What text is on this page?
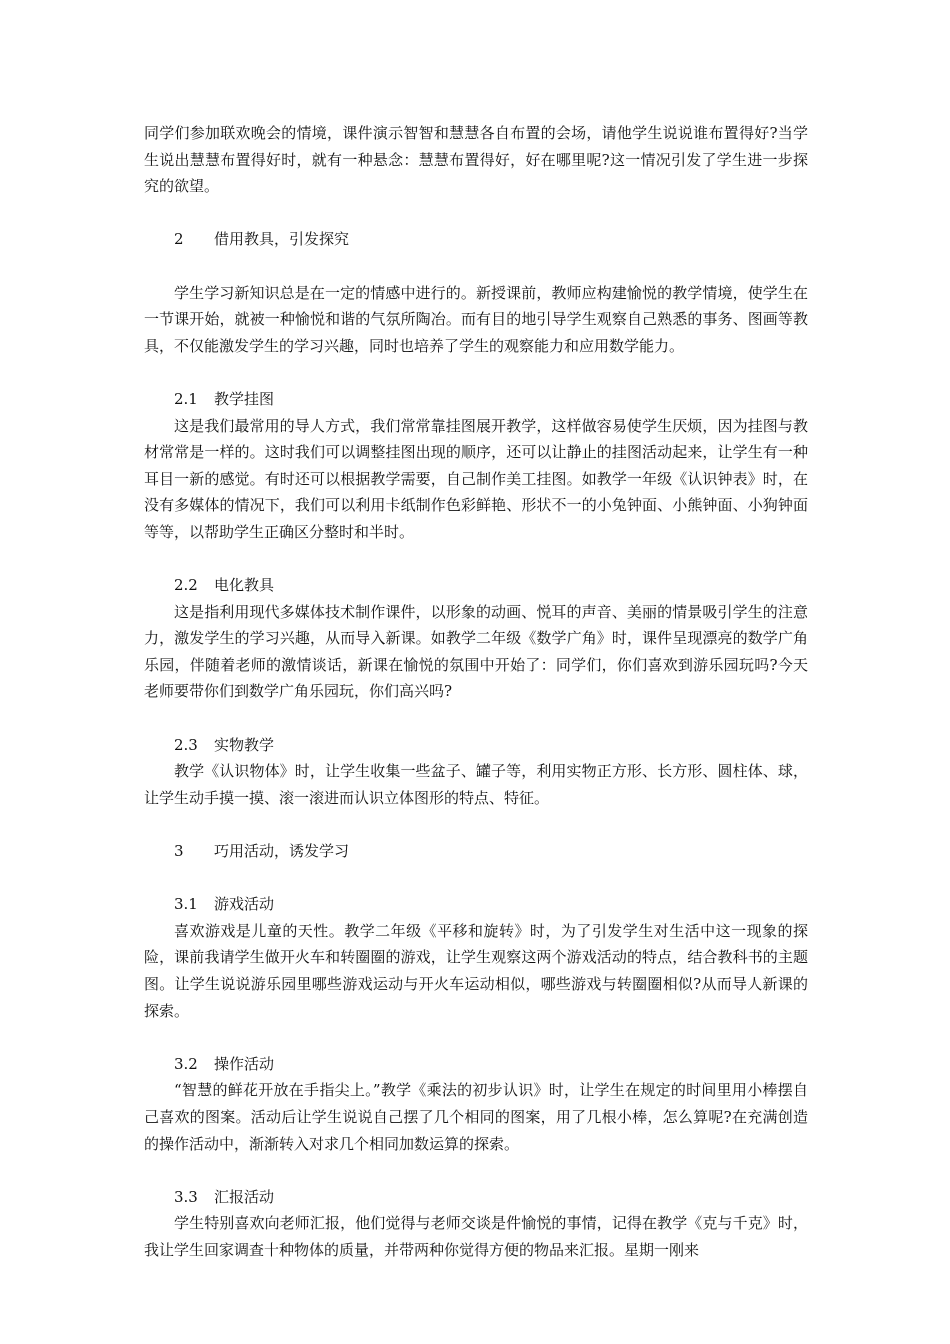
同学们参加联欢晚会的情境，课件演示智智和慧慧各自布置的会场，请他学生说说谁布置得好?当学生说出慧慧布置得好时，就有一种悬念：慧慧布置得好，好在哪里呢?这一情况引发了学生进一步探究的欲望。

2 借用教具，引发探究

学生学习新知识总是在一定的情感中进行的。新授课前，教师应构建愉悦的教学情境，使学生在一节课开始，就被一种愉悦和谐的气氛所陶冶。而有目的地引导学生观察自己熟悉的事务、图画等教具，不仅能激发学生的学习兴趣，同时也培养了学生的观察能力和应用数学能力。

2.1 教学挂图

这是我们最常用的导人方式，我们常常靠挂图展开教学，这样做容易使学生厌烦，因为挂图与教材常常是一样的。这时我们可以调整挂图出现的顺序，还可以让静止的挂图活动起来，让学生有一种耳目一新的感觉。有时还可以根据教学需要，自己制作美工挂图。如教学一年级《认识钟表》时，在没有多媒体的情况下，我们可以利用卡纸制作色彩鲜艳、形状不一的小兔钟面、小熊钟面、小狗钟面等等，以帮助学生正确区分整时和半时。

2.2 电化教具

这是指利用现代多媒体技术制作课件，以形象的动画、悦耳的声音、美丽的情景吸引学生的注意力，激发学生的学习兴趣，从而导入新课。如教学二年级《数学广角》时，课件呈现漂亮的数学广角乐园，伴随着老师的激情谈话，新课在愉悦的氛围中开始了：同学们，你们喜欢到游乐园玩吗?今天老师要带你们到数学广角乐园玩，你们高兴吗?

2.3 实物教学

教学《认识物体》时，让学生收集一些盆子、罐子等，利用实物正方形、长方形、圆柱体、球，让学生动手摸一摸、滚一滚进而认识立体图形的特点、特征。

3 巧用活动，诱发学习

3.1 游戏活动

喜欢游戏是儿童的天性。教学二年级《平移和旋转》时，为了引发学生对生活中这一现象的探险，课前我请学生做开火车和转圈圈的游戏，让学生观察这两个游戏活动的特点，结合教科书的主题图。让学生说说游乐园里哪些游戏运动与开火车运动相似，哪些游戏与转圈圈相似?从而导人新课的探索。

3.2 操作活动

“智慧的鲜花开放在手指尖上。”教学《乘法的初步认识》时，让学生在规定的时间里用小棒摆自己喜欢的图案。活动后让学生说说自己摆了几个相同的图案，用了几根小棒，怎么算呢?在充满创造的操作活动中，渐渐转入对求几个相同加数运算的探索。

3.3 汇报活动

学生特别喜欢向老师汇报，他们觉得与老师交谈是件愉悦的事情，记得在教学《克与千克》时，我让学生回家调查十种物体的质量，并带两种你觉得方便的物品来汇报。星期一刚来
